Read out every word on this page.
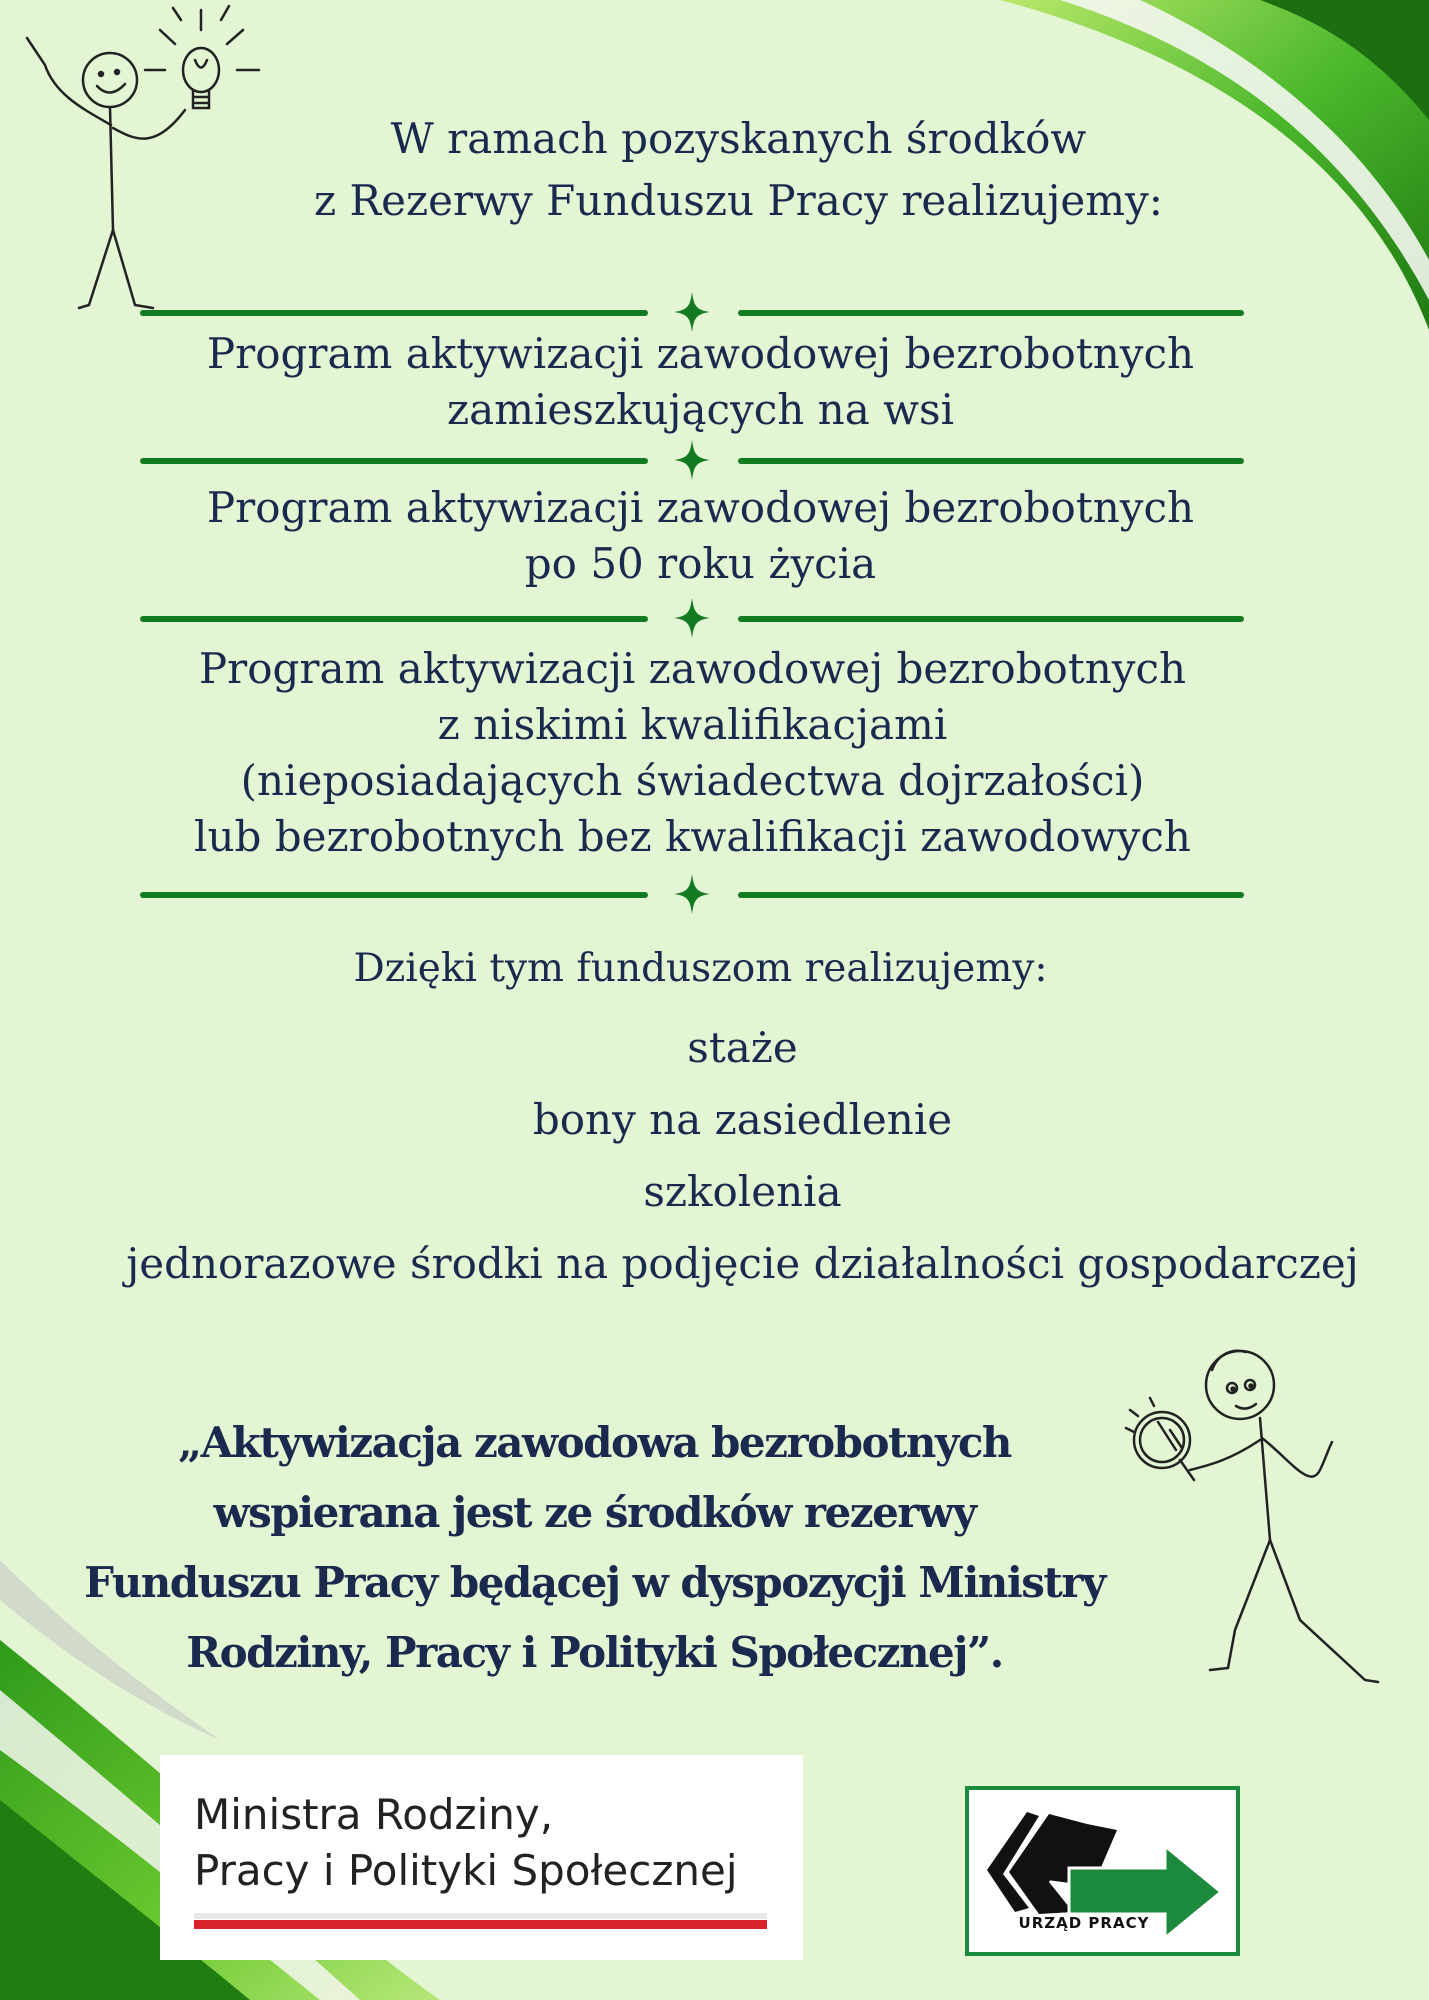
W ramach pozyskanych środków
z Rezerwy Funduszu Pracy realizujemy:
Program aktywizacji zawodowej bezrobotnych
zamieszkujących na wsi
Program aktywizacji zawodowej bezrobotnych
po 50 roku życia
Program aktywizacji zawodowej bezrobotnych
z niskimi kwalifikacjami
(nieposiadających świadectwa dojrzałości)
lub bezrobotnych bez kwalifikacji zawodowych
Dzięki tym funduszom realizujemy:
staże
bony na zasiedlenie
szkolenia
jednorazowe środki na podjęcie działalności gospodarczej
„Aktywizacja zawodowa bezrobotnych
wspierana jest ze środków rezerwy
Funduszu Pracy będącej w dyspozycji Ministry
Rodziny, Pracy i Polityki Społecznej”.
Ministra Rodziny,
Pracy i Polityki Społecznej
URZĄD PRACY
